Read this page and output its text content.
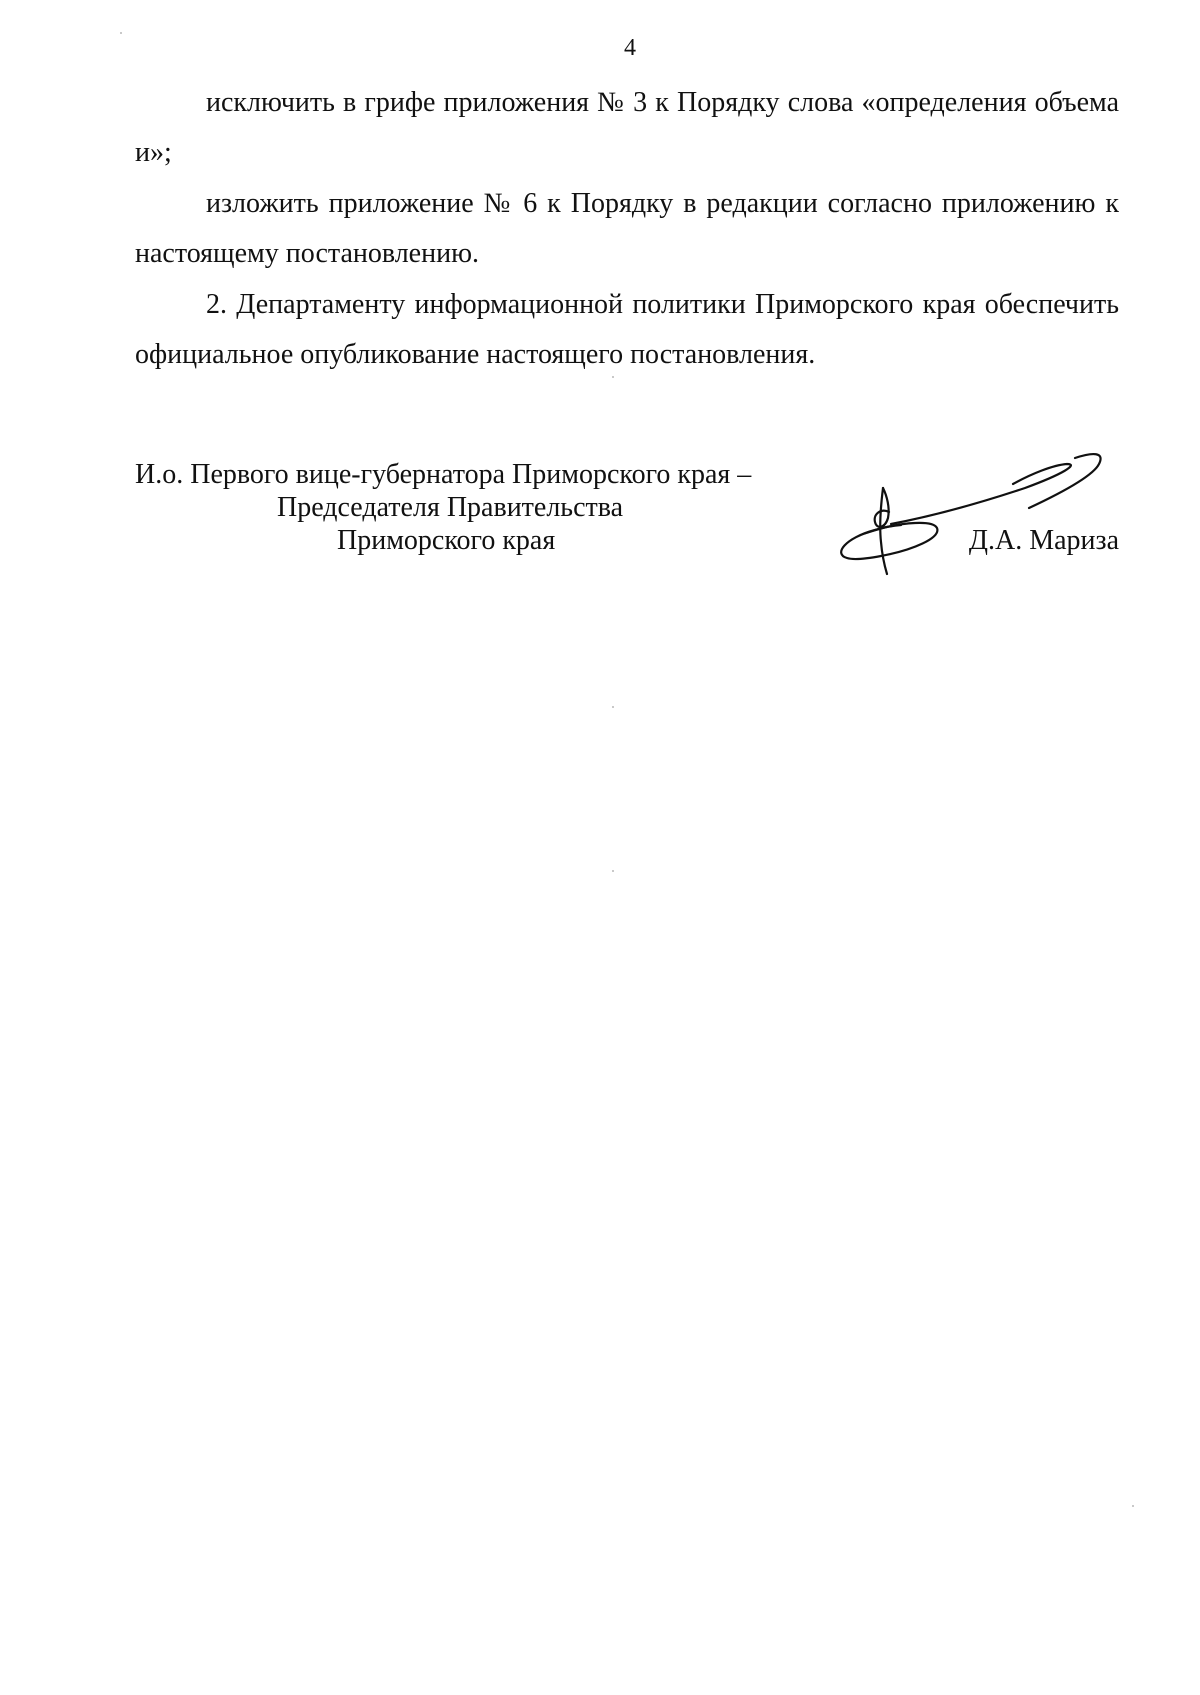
4

исключить в грифе приложения № 3 к Порядку слова «определения объема и»;

изложить приложение № 6 к Порядку в редакции согласно приложению к настоящему постановлению.

2. Департаменту информационной политики Приморского края обеспечить официальное опубликование настоящего постановления.

И.о. Первого вице-губернатора Приморского края –
Председателя Правительства
Приморского края	Д.А. Мариза
